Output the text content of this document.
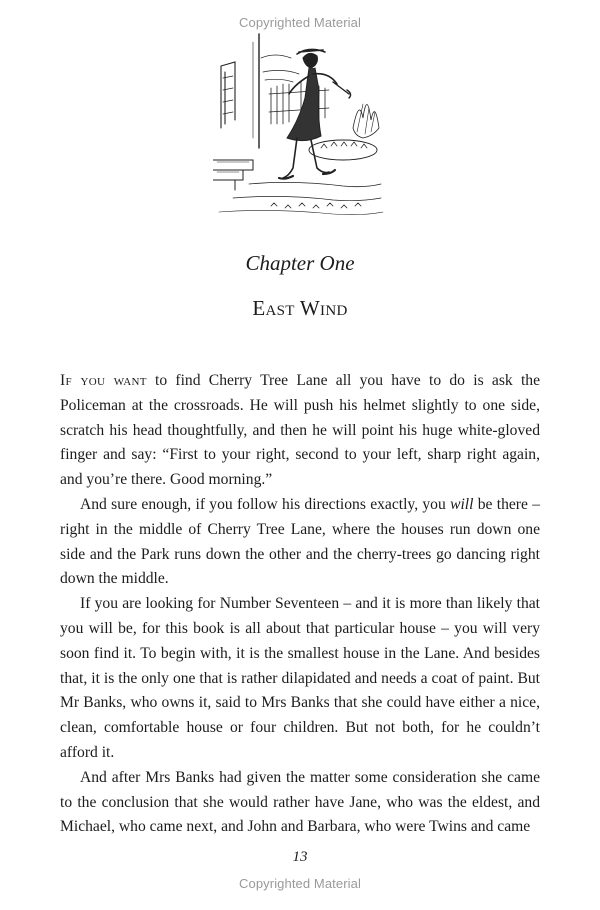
Copyrighted Material
Chapter One
East Wind

If you want to find Cherry Tree Lane all you have to do is ask the Policeman at the crossroads. He will push his helmet slightly to one side, scratch his head thoughtfully, and then he will point his huge white-gloved finger and say: “First to your right, second to your left, sharp right again, and you’re there. Good morning.”

And sure enough, if you follow his directions exactly, you will be there – right in the middle of Cherry Tree Lane, where the houses run down one side and the Park runs down the other and the cherry-trees go dancing right down the middle.

If you are looking for Number Seventeen – and it is more than likely that you will be, for this book is all about that particular house – you will very soon find it. To begin with, it is the smallest house in the Lane. And besides that, it is the only one that is rather dilapidated and needs a coat of paint. But Mr Banks, who owns it, said to Mrs Banks that she could have either a nice, clean, comfortable house or four children. But not both, for he couldn’t afford it.

And after Mrs Banks had given the matter some consideration she came to the conclusion that she would rather have Jane, who was the eldest, and Michael, who came next, and John and Barbara, who were Twins and came

13
Copyrighted Material
